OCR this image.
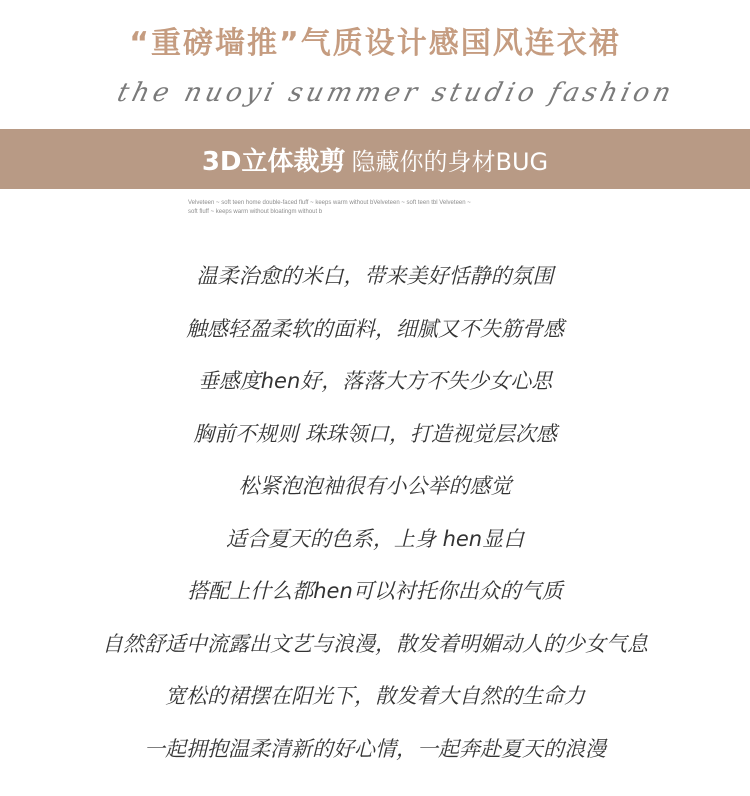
“重磅墙推”气质设计感国风连衣裙
the nuoyi summer studio fashion
3D立体裁剪 隐藏你的身材BUG
Velveteen ~ soft teen home double-faced fluff ~ keeps warm without bVelveteen ~ soft teen tbl Velveteen ~
soft fluff ~ keeps warm without bloatingm without b
温柔治愈的米白，带来美好恬静的氛围
触感轻盈柔软的面料，细腻又不失筋骨感
垂感度hen好，落落大方不失少女心思
胸前不规则 珠珠领口，打造视觉层次感
松紧泡泡袖很有小公举的感觉
适合夏天的色系，上身 hen显白
搭配上什么都hen可以衬托你出众的气质
自然舒适中流露出文艺与浪漫，散发着明媚动人的少女气息
宽松的裙摆在阳光下，散发着大自然的生命力
一起拥抱温柔清新的好心情，一起奔赴夏天的浪漫
